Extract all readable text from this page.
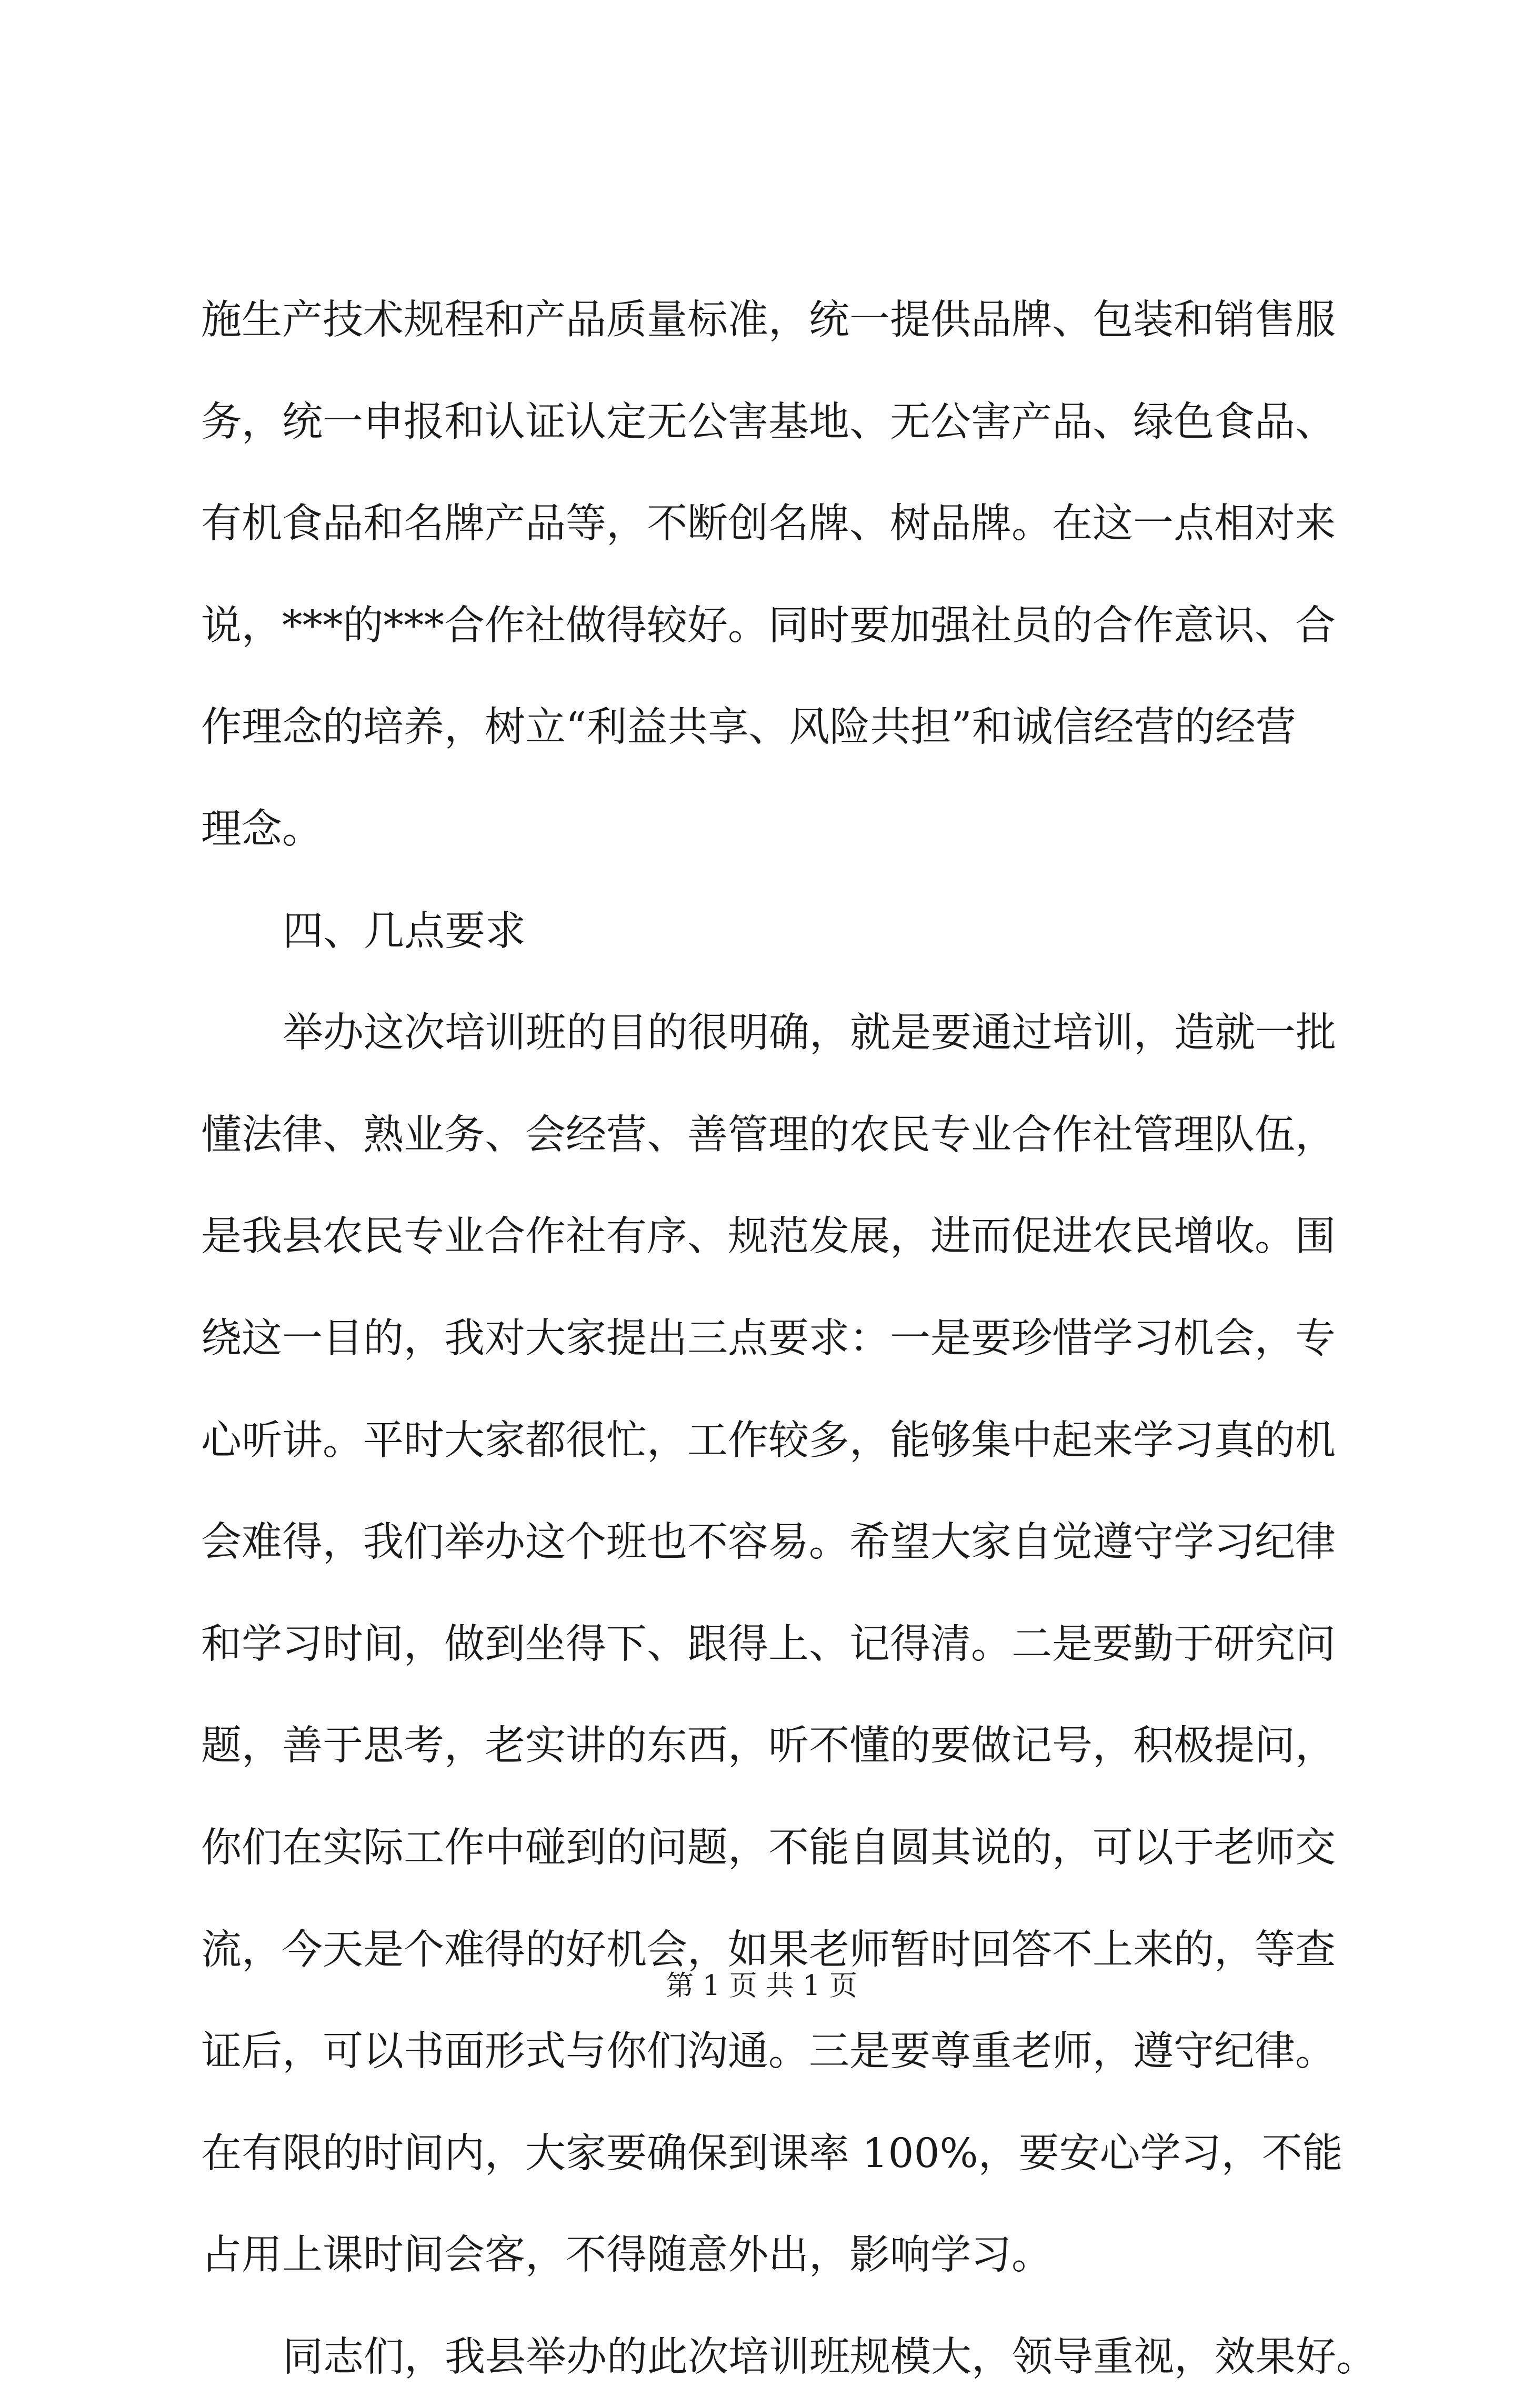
施生产技术规程和产品质量标准，统一提供品牌、包装和销售服
务，统一申报和认证认定无公害基地、无公害产品、绿色食品、
有机食品和名牌产品等，不断创名牌、树品牌。在这一点相对来
说，***的***合作社做得较好。同时要加强社员的合作意识、合
作理念的培养，树立“利益共享、风险共担”和诚信经营的经营
理念。
四、几点要求
举办这次培训班的目的很明确，就是要通过培训，造就一批
懂法律、熟业务、会经营、善管理的农民专业合作社管理队伍，
是我县农民专业合作社有序、规范发展，进而促进农民增收。围
绕这一目的，我对大家提出三点要求：一是要珍惜学习机会，专
心听讲。平时大家都很忙，工作较多，能够集中起来学习真的机
会难得，我们举办这个班也不容易。希望大家自觉遵守学习纪律
和学习时间，做到坐得下、跟得上、记得清。二是要勤于研究问
题，善于思考，老实讲的东西，听不懂的要做记号，积极提问，
你们在实际工作中碰到的问题，不能自圆其说的，可以于老师交
流，今天是个难得的好机会，如果老师暂时回答不上来的，等查
证后，可以书面形式与你们沟通。三是要尊重老师，遵守纪律。
在有限的时间内，大家要确保到课率 100%，要安心学习，不能
占用上课时间会客，不得随意外出，影响学习。
同志们，我县举办的此次培训班规模大，领导重视，效果好。
第 1 页 共 1 页
